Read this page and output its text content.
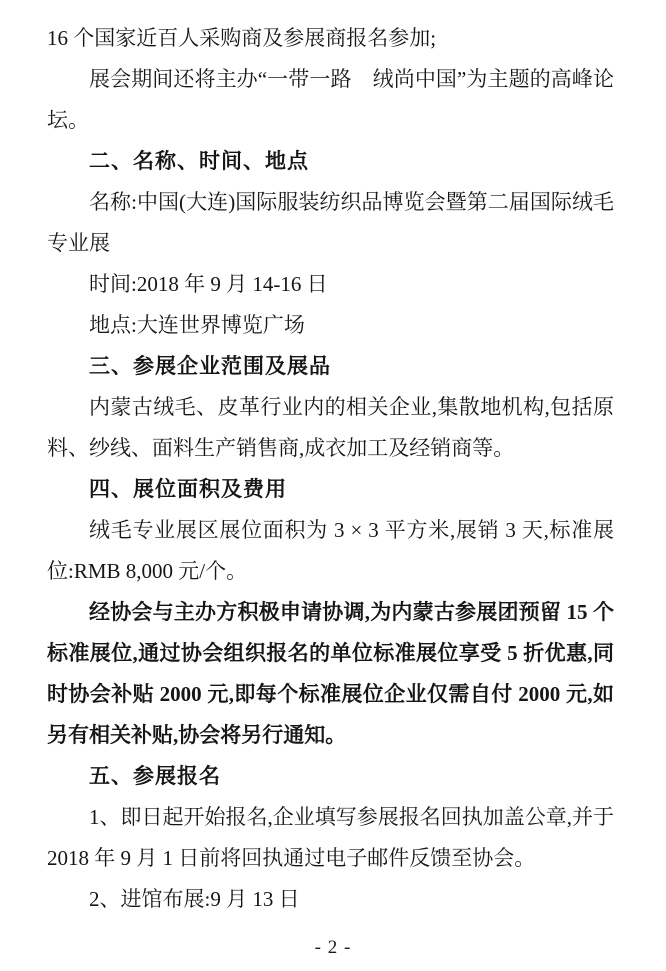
16 个国家近百人采购商及参展商报名参加;

展会期间还将主办“一带一路　绒尚中国”为主题的高峰论坛。

二、名称、时间、地点

名称:中国(大连)国际服装纺织品博览会暨第二届国际绒毛专业展

时间:2018 年 9 月 14-16 日

地点:大连世界博览广场

三、参展企业范围及展品

内蒙古绒毛、皮革行业内的相关企业,集散地机构,包括原料、纱线、面料生产销售商,成衣加工及经销商等。

四、展位面积及费用

绒毛专业展区展位面积为 3 × 3 平方米,展销 3 天,标准展位:RMB 8,000 元/个。

经协会与主办方积极申请协调,为内蒙古参展团预留 15 个标准展位,通过协会组织报名的单位标准展位享受 5 折优惠,同时协会补贴 2000 元,即每个标准展位企业仅需自付 2000 元,如另有相关补贴,协会将另行通知。

五、参展报名

1、即日起开始报名,企业填写参展报名回执加盖公章,并于 2018 年 9 月 1 日前将回执通过电子邮件反馈至协会。

2、进馆布展:9 月 13 日

- 2 -
